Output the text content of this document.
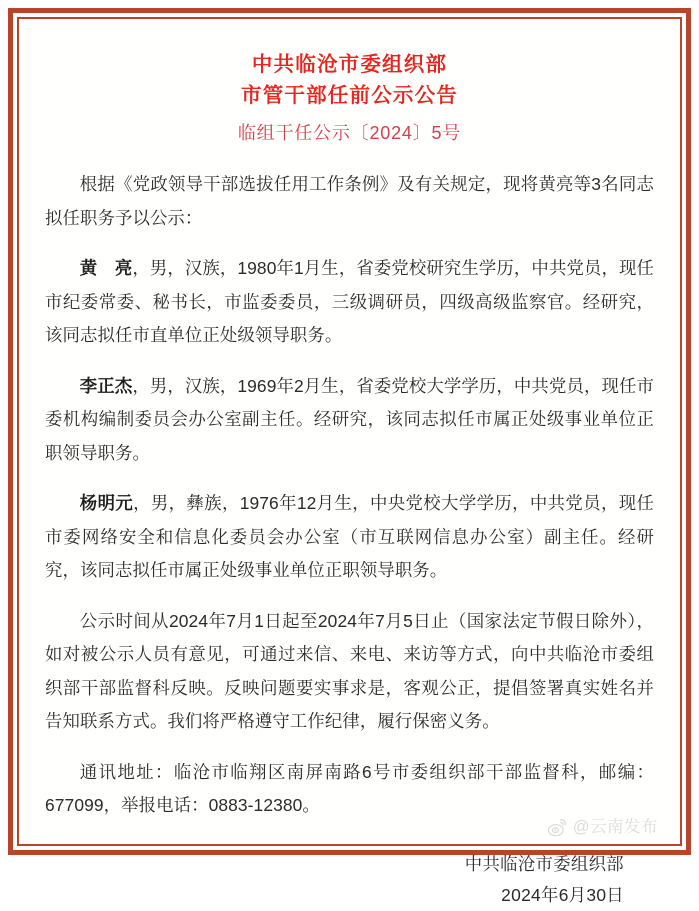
中共临沧市委组织部
市管干部任前公示公告
临组干任公示〔2024〕5号

根据《党政领导干部选拔任用工作条例》及有关规定，现将黄亮等3名同志拟任职务予以公示：

黄　亮，男，汉族，1980年1月生，省委党校研究生学历，中共党员，现任市纪委常委、秘书长，市监委委员，三级调研员，四级高级监察官。经研究，该同志拟任市直单位正处级领导职务。

李正杰，男，汉族，1969年2月生，省委党校大学学历，中共党员，现任市委机构编制委员会办公室副主任。经研究，该同志拟任市属正处级事业单位正职领导职务。

杨明元，男，彝族，1976年12月生，中央党校大学学历，中共党员，现任市委网络安全和信息化委员会办公室（市互联网信息办公室）副主任。经研究，该同志拟任市属正处级事业单位正职领导职务。

公示时间从2024年7月1日起至2024年7月5日止（国家法定节假日除外），如对被公示人员有意见，可通过来信、来电、来访等方式，向中共临沧市委组织部干部监督科反映。反映问题要实事求是，客观公正，提倡签署真实姓名并告知联系方式。我们将严格遵守工作纪律，履行保密义务。

通讯地址：临沧市临翔区南屏南路6号市委组织部干部监督科，邮编：677099，举报电话：0883-12380。

中共临沧市委组织部
2024年6月30日
@云南发布
